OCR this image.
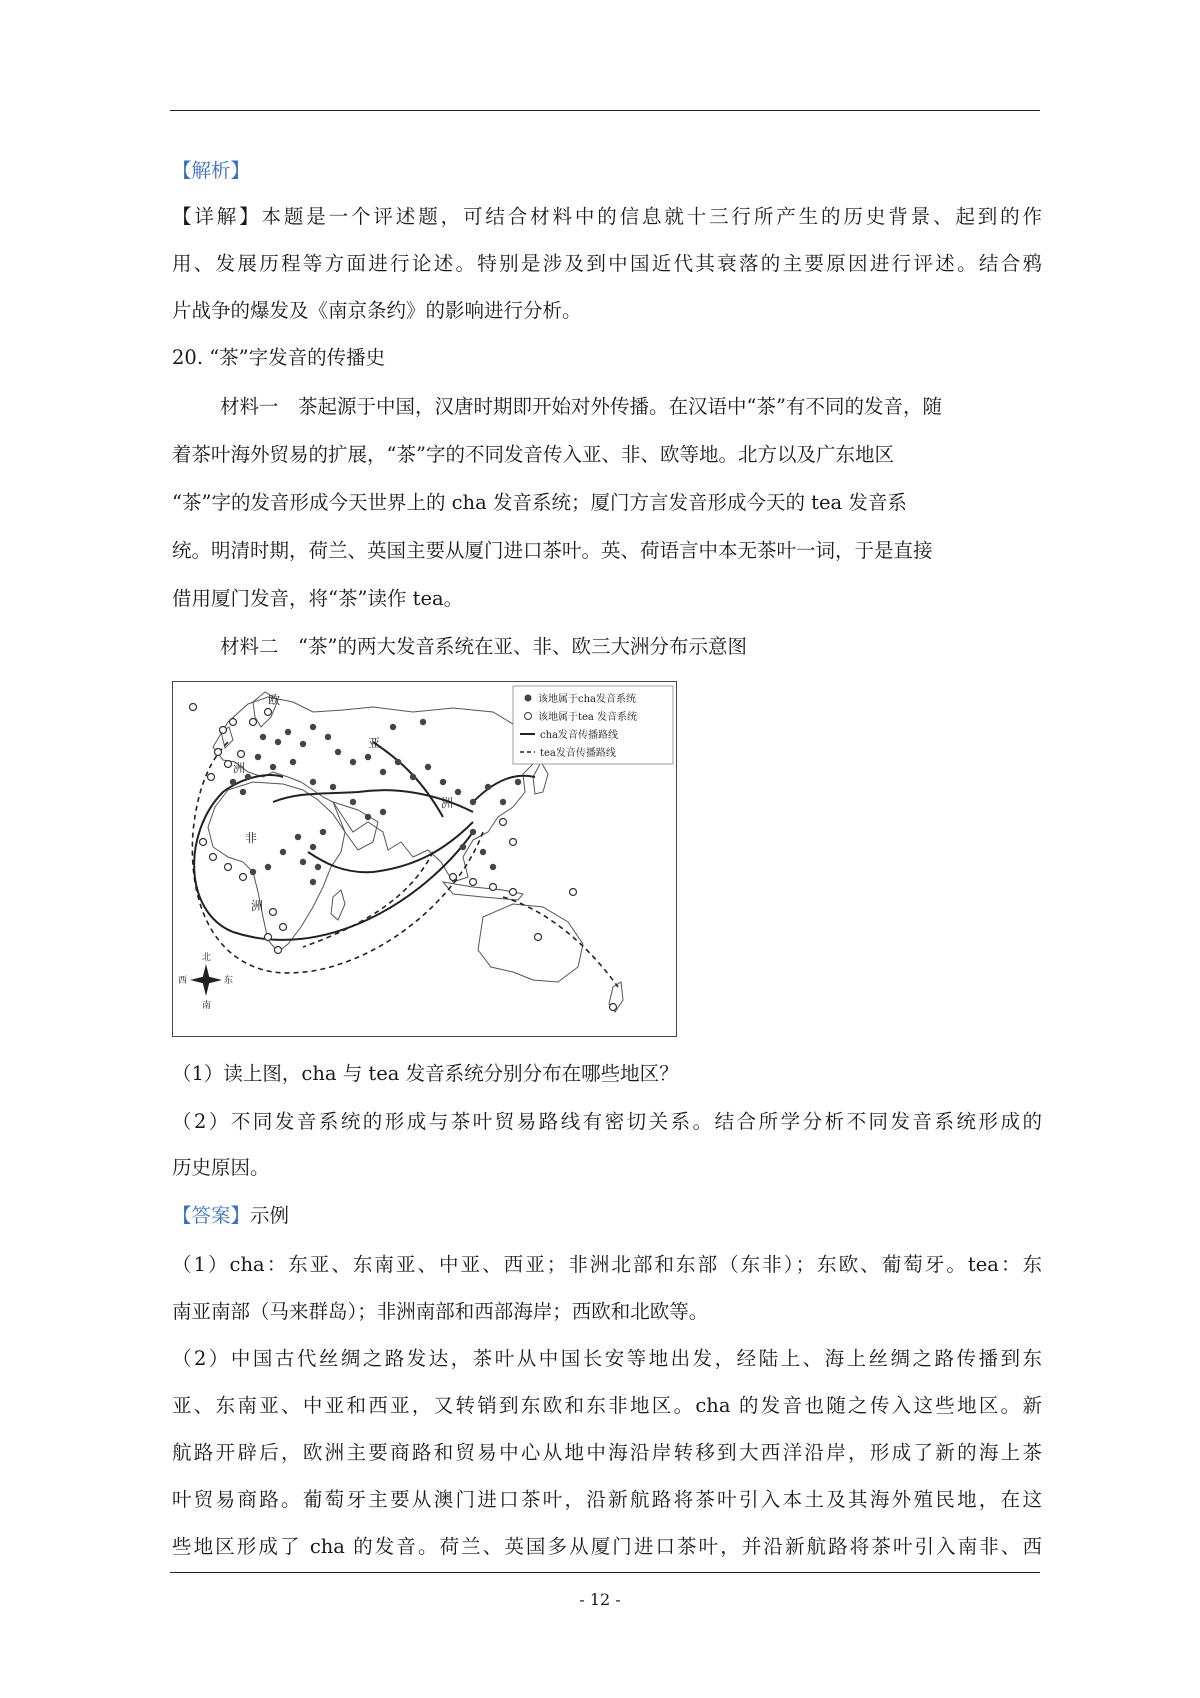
【解析】
【详解】本题是一个评述题，可结合材料中的信息就十三行所产生的历史背景、起到的作
用、发展历程等方面进行论述。特别是涉及到中国近代其衰落的主要原因进行评述。结合鸦
片战争的爆发及《南京条约》的影响进行分析。
20. “茶”字发音的传播史
材料一　茶起源于中国，汉唐时期即开始对外传播。在汉语中“茶”有不同的发音，随
着茶叶海外贸易的扩展，“茶”字的不同发音传入亚、非、欧等地。北方以及广东地区
“茶”字的发音形成今天世界上的 cha 发音系统；厦门方言发音形成今天的 tea 发音系
统。明清时期，荷兰、英国主要从厦门进口茶叶。英、荷语言中本无茶叶一词，于是直接
借用厦门发音，将“茶”读作 tea。
材料二　“茶”的两大发音系统在亚、非、欧三大洲分布示意图
欧
洲
亚
洲
非
洲
该地属于cha发音系统
该地属于tea 发音系统
cha发音传播路线
tea发音传播路线
北
东
西
南
（1）读上图，cha 与 tea 发音系统分别分布在哪些地区？
（2）不同发音系统的形成与茶叶贸易路线有密切关系。结合所学分析不同发音系统形成的
历史原因。
【答案】示例
（1）cha：东亚、东南亚、中亚、西亚；非洲北部和东部（东非）；东欧、葡萄牙。tea：东
南亚南部（马来群岛）；非洲南部和西部海岸；西欧和北欧等。
（2）中国古代丝绸之路发达，茶叶从中国长安等地出发，经陆上、海上丝绸之路传播到东
亚、东南亚、中亚和西亚，又转销到东欧和东非地区。cha 的发音也随之传入这些地区。新
航路开辟后，欧洲主要商路和贸易中心从地中海沿岸转移到大西洋沿岸，形成了新的海上茶
叶贸易商路。葡萄牙主要从澳门进口茶叶，沿新航路将茶叶引入本土及其海外殖民地，在这
些地区形成了 cha 的发音。荷兰、英国多从厦门进口茶叶，并沿新航路将茶叶引入南非、西
- 12 -
